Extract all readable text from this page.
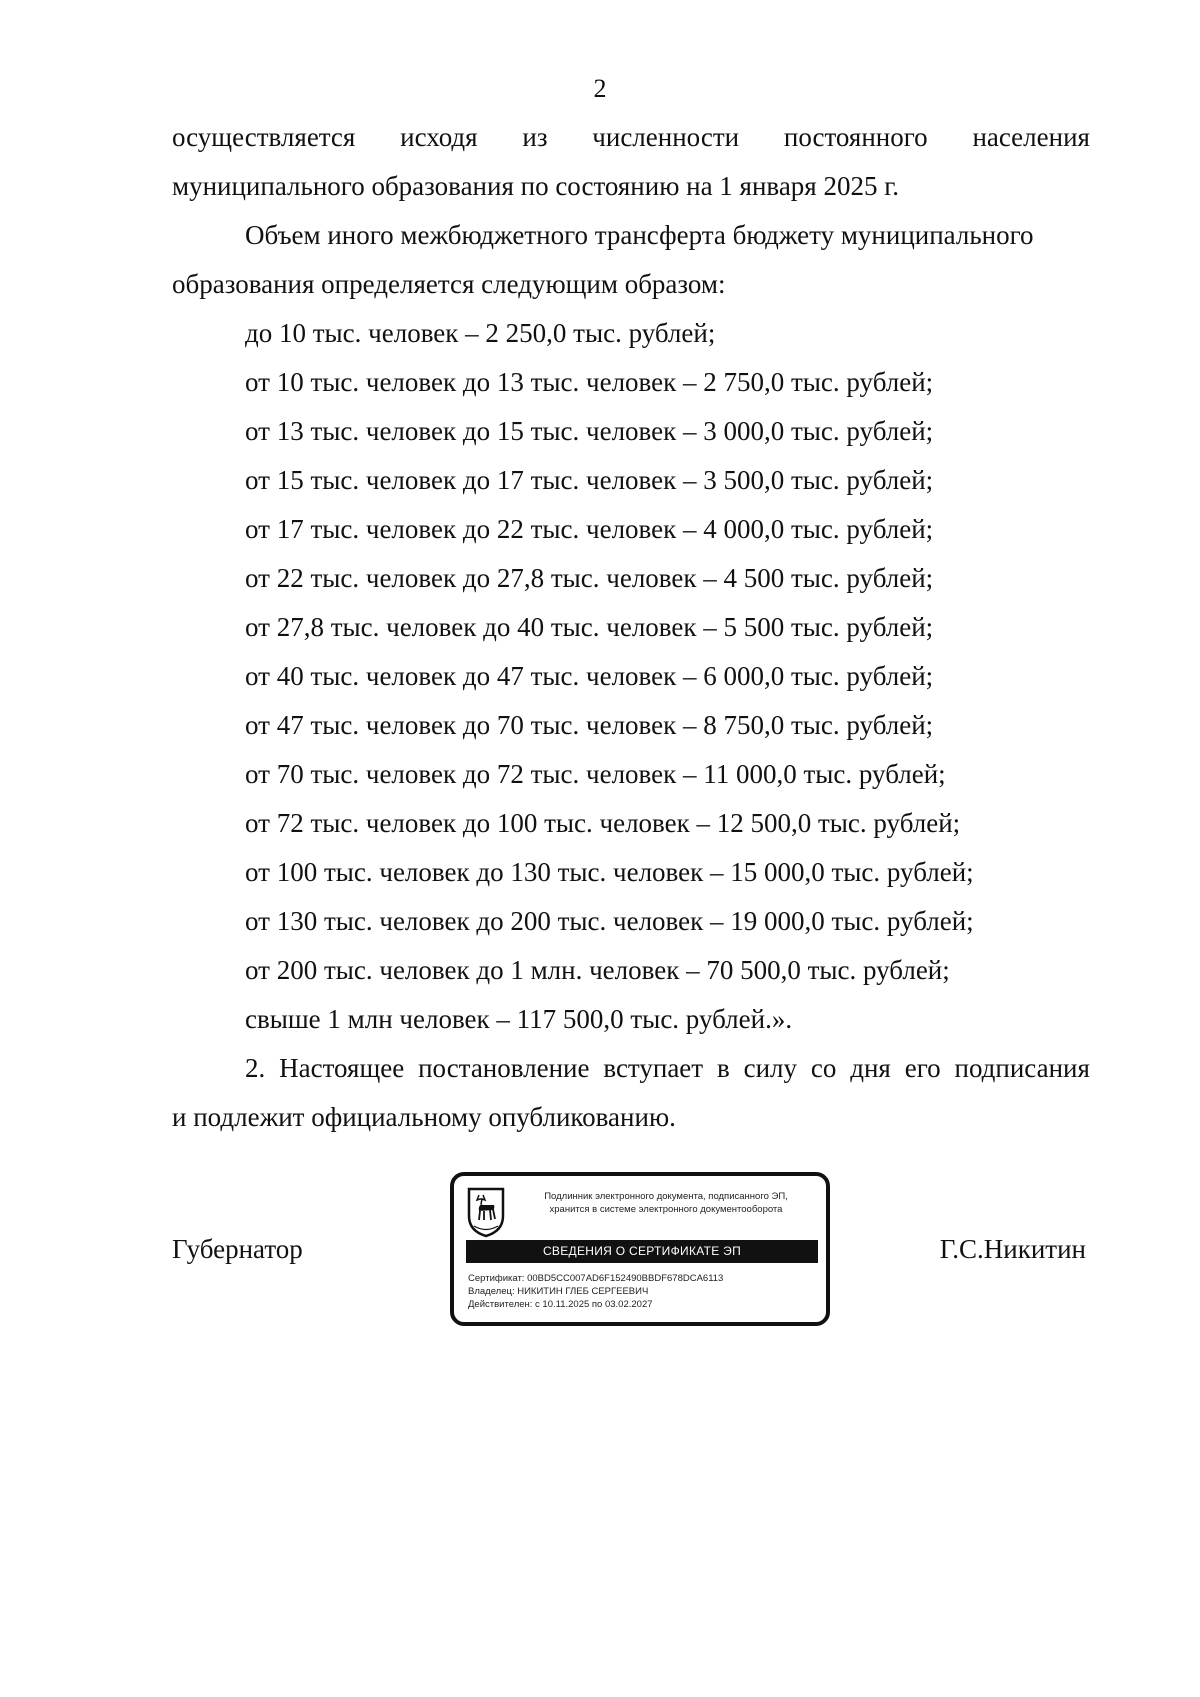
2
осуществляется исходя из численности постоянного населения
муниципального образования по состоянию на 1 января 2025 г.
Объем иного межбюджетного трансферта бюджету муниципального
образования определяется следующим образом:
до 10 тыс. человек – 2 250,0 тыс. рублей;
от 10 тыс. человек до 13 тыс. человек – 2 750,0 тыс. рублей;
от 13 тыс. человек до 15 тыс. человек – 3 000,0 тыс. рублей;
от 15 тыс. человек до 17 тыс. человек – 3 500,0 тыс. рублей;
от 17 тыс. человек до 22 тыс. человек – 4 000,0 тыс. рублей;
от 22 тыс. человек до 27,8 тыс. человек – 4 500 тыс. рублей;
от 27,8 тыс. человек до 40 тыс. человек – 5 500 тыс. рублей;
от 40 тыс. человек до 47 тыс. человек – 6 000,0 тыс. рублей;
от 47 тыс. человек до 70 тыс. человек – 8 750,0 тыс. рублей;
от 70 тыс. человек до 72 тыс. человек – 11 000,0 тыс. рублей;
от 72 тыс. человек до 100 тыс. человек – 12 500,0 тыс. рублей;
от 100 тыс. человек до 130 тыс. человек – 15 000,0 тыс. рублей;
от 130 тыс. человек до 200 тыс. человек – 19 000,0 тыс. рублей;
от 200 тыс. человек до 1 млн. человек – 70 500,0 тыс. рублей;
свыше 1 млн человек – 117 500,0 тыс. рублей.».
2. Настоящее постановление вступает в силу со дня его подписания
и подлежит официальному опубликованию.
Губернатор
Подлинник электронного документа, подписанного ЭП,
хранится в системе электронного документооборота
СВЕДЕНИЯ О СЕРТИФИКАТЕ ЭП
Сертификат: 00BD5CC007AD6F152490BBDF678DCA6113
Владелец: НИКИТИН ГЛЕБ СЕРГЕЕВИЧ
Действителен: с 10.11.2025 по 03.02.2027
Г.С.Никитин
